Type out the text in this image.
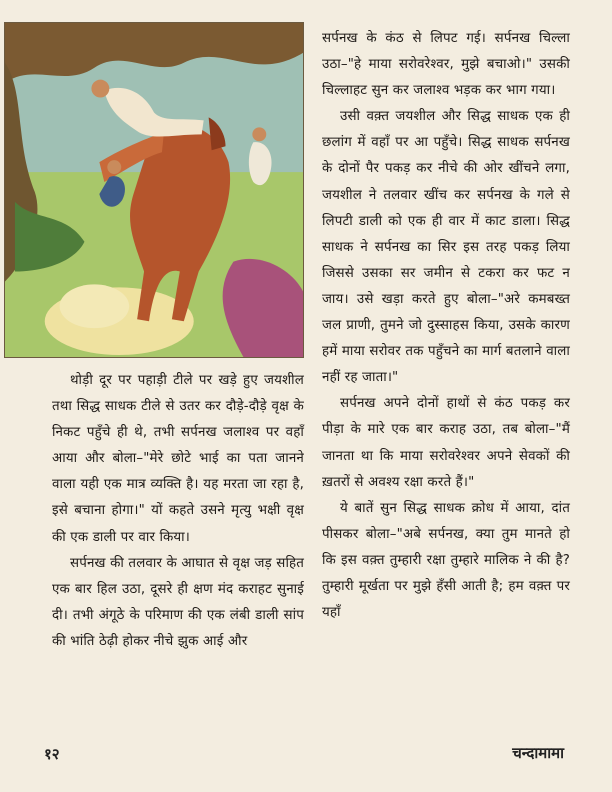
थोड़ी दूर पर पहाड़ी टीले पर खड़े हुए जयशील तथा सिद्ध साधक टीले से उतर कर दौड़े-दौड़े वृक्ष के निकट पहुँचे ही थे, तभी सर्पनख जलाश्व पर वहाँ आया और बोला–"मेरे छोटे भाई का पता जानने वाला यही एक मात्र व्यक्ति है। यह मरता जा रहा है, इसे बचाना होगा।" यों कहते उसने मृत्यु भक्षी वृक्ष की एक डाली पर वार किया।

सर्पनख की तलवार के आघात से वृक्ष जड़ सहित एक बार हिल उठा, दूसरे ही क्षण मंद कराहट सुनाई दी। तभी अंगूठे के परिमाण की एक लंबी डाली सांप की भांति ठेढ़ी होकर नीचे झुक आई और

सर्पनख के कंठ से लिपट गई। सर्पनख चिल्ला उठा–"हे माया सरोवरेश्वर, मुझे बचाओ।" उसकी चिल्लाहट सुन कर जलाश्व भड़क कर भाग गया।

उसी वक़्त जयशील और सिद्ध साधक एक ही छलांग में वहाँ पर आ पहुँचे। सिद्ध साधक सर्पनख के दोनों पैर पकड़ कर नीचे की ओर खींचने लगा, जयशील ने तलवार खींच कर सर्पनख के गले से लिपटी डाली को एक ही वार में काट डाला। सिद्ध साधक ने सर्पनख का सिर इस तरह पकड़ लिया जिससे उसका सर जमीन से टकरा कर फट न जाय। उसे खड़ा करते हुए बोला–"अरे कमबख्त जल प्राणी, तुमने जो दुस्साहस किया, उसके कारण हमें माया सरोवर तक पहुँचने का मार्ग बतलाने वाला नहीं रह जाता।"

सर्पनख अपने दोनों हाथों से कंठ पकड़ कर पीड़ा के मारे एक बार कराह उठा, तब बोला–"मैं जानता था कि माया सरोवरेश्वर अपने सेवकों की ख़तरों से अवश्य रक्षा करते हैं।"

ये बातें सुन सिद्ध साधक क्रोध में आया, दांत पीसकर बोला–"अबे सर्पनख, क्या तुम मानते हो कि इस वक़्त तुम्हारी रक्षा तुम्हारे मालिक ने की है? तुम्हारी मूर्खता पर मुझे हँसी आती है; हम वक़्त पर यहाँ

१२	चन्दामामा
